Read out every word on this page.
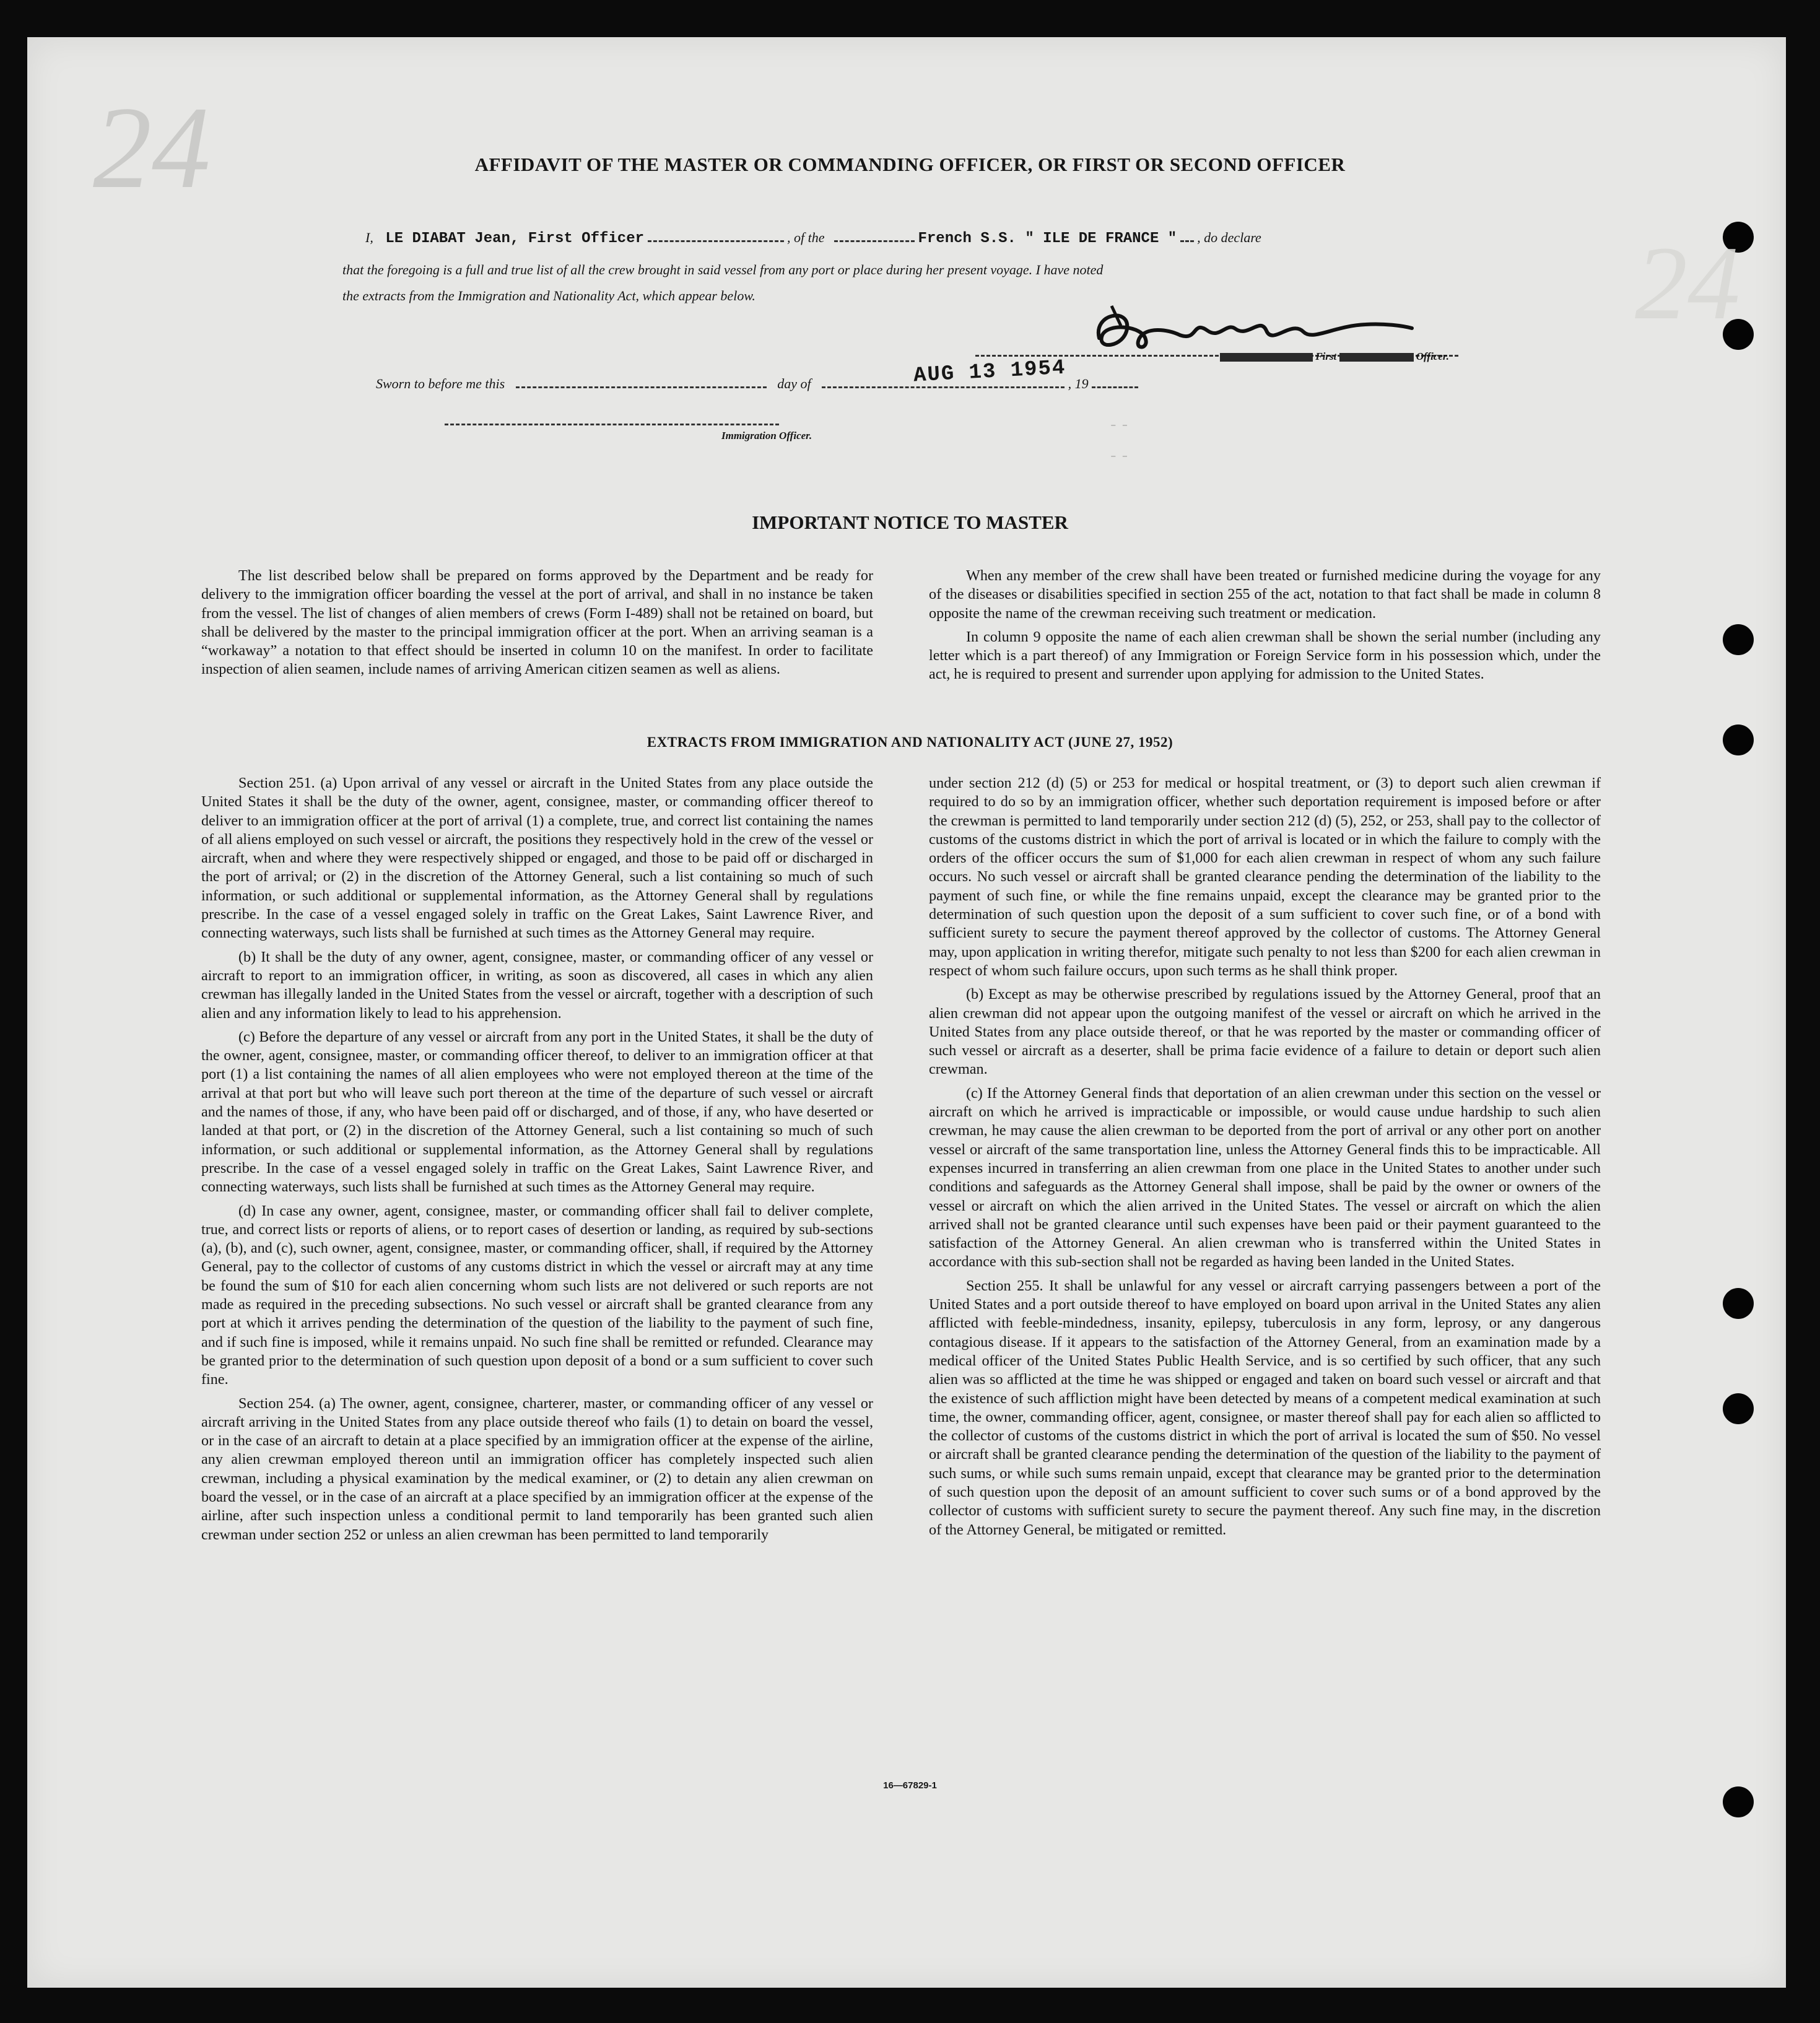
24
24
AFFIDAVIT OF THE MASTER OR COMMANDING OFFICER, OR FIRST OR SECOND OFFICER
I, LE DIABAT Jean, First Officer	, of the	French S.S. " ILE DE FRANCE " , do declare
that the foregoing is a full and true list of all the crew brought in said vessel from any port or place during her present voyage. I have noted
the extracts from the Immigration and Nationality Act, which appear below.
First	Officer.
Sworn to before me this	day of	, 19
AUG 13 1954
Immigration Officer.
--
--
IMPORTANT NOTICE TO MASTER

The list described below shall be prepared on forms approved by the Department and be ready for delivery to the immigration officer boarding the vessel at the port of arrival, and shall in no instance be taken from the vessel. The list of changes of alien members of crews (Form I-489) shall not be retained on board, but shall be delivered by the master to the principal immigration officer at the port. When an arriving seaman is a “workaway” a notation to that effect should be inserted in column 10 on the manifest. In order to facilitate inspection of alien seamen, include names of arriving American citizen seamen as well as aliens.

When any member of the crew shall have been treated or furnished medicine during the voyage for any of the diseases or disabilities specified in section 255 of the act, notation to that fact shall be made in column 8 opposite the name of the crewman receiving such treatment or medication.

In column 9 opposite the name of each alien crewman shall be shown the serial number (including any letter which is a part thereof) of any Immigration or Foreign Service form in his possession which, under the act, he is required to present and surrender upon applying for admission to the United States.

EXTRACTS FROM IMMIGRATION AND NATIONALITY ACT (JUNE 27, 1952)

Section 251. (a) Upon arrival of any vessel or aircraft in the United States from any place outside the United States it shall be the duty of the owner, agent, consignee, master, or commanding officer thereof to deliver to an immigration officer at the port of arrival (1) a complete, true, and correct list containing the names of all aliens employed on such vessel or aircraft, the positions they respectively hold in the crew of the vessel or aircraft, when and where they were respectively shipped or engaged, and those to be paid off or discharged in the port of arrival; or (2) in the discretion of the Attorney General, such a list containing so much of such information, or such additional or supplemental information, as the Attorney General shall by regulations prescribe. In the case of a vessel engaged solely in traffic on the Great Lakes, Saint Lawrence River, and connecting waterways, such lists shall be furnished at such times as the Attorney General may require.

(b) It shall be the duty of any owner, agent, consignee, master, or commanding officer of any vessel or aircraft to report to an immigration officer, in writing, as soon as discovered, all cases in which any alien crewman has illegally landed in the United States from the vessel or aircraft, together with a description of such alien and any information likely to lead to his apprehension.

(c) Before the departure of any vessel or aircraft from any port in the United States, it shall be the duty of the owner, agent, consignee, master, or commanding officer thereof, to deliver to an immigration officer at that port (1) a list containing the names of all alien employees who were not employed thereon at the time of the arrival at that port but who will leave such port thereon at the time of the departure of such vessel or aircraft and the names of those, if any, who have been paid off or discharged, and of those, if any, who have deserted or landed at that port, or (2) in the discretion of the Attorney General, such a list containing so much of such information, or such additional or supplemental information, as the Attorney General shall by regulations prescribe. In the case of a vessel engaged solely in traffic on the Great Lakes, Saint Lawrence River, and connecting waterways, such lists shall be furnished at such times as the Attorney General may require.

(d) In case any owner, agent, consignee, master, or commanding officer shall fail to deliver complete, true, and correct lists or reports of aliens, or to report cases of desertion or landing, as required by sub-sections (a), (b), and (c), such owner, agent, consignee, master, or commanding officer, shall, if required by the Attorney General, pay to the collector of customs of any customs district in which the vessel or aircraft may at any time be found the sum of $10 for each alien concerning whom such lists are not delivered or such reports are not made as required in the preceding subsections. No such vessel or aircraft shall be granted clearance from any port at which it arrives pending the determination of the question of the liability to the payment of such fine, and if such fine is imposed, while it remains unpaid. No such fine shall be remitted or refunded. Clearance may be granted prior to the determination of such question upon deposit of a bond or a sum sufficient to cover such fine.

Section 254. (a) The owner, agent, consignee, charterer, master, or commanding officer of any vessel or aircraft arriving in the United States from any place outside thereof who fails (1) to detain on board the vessel, or in the case of an aircraft to detain at a place specified by an immigration officer at the expense of the airline, any alien crewman employed thereon until an immigration officer has completely inspected such alien crewman, including a physical examination by the medical examiner, or (2) to detain any alien crewman on board the vessel, or in the case of an aircraft at a place specified by an immigration officer at the expense of the airline, after such inspection unless a conditional permit to land temporarily has been granted such alien crewman under section 252 or unless an alien crewman has been permitted to land temporarily

under section 212 (d) (5) or 253 for medical or hospital treatment, or (3) to deport such alien crewman if required to do so by an immigration officer, whether such deportation requirement is imposed before or after the crewman is permitted to land temporarily under section 212 (d) (5), 252, or 253, shall pay to the collector of customs of the customs district in which the port of arrival is located or in which the failure to comply with the orders of the officer occurs the sum of $1,000 for each alien crewman in respect of whom any such failure occurs. No such vessel or aircraft shall be granted clearance pending the determination of the liability to the payment of such fine, or while the fine remains unpaid, except the clearance may be granted prior to the determination of such question upon the deposit of a sum sufficient to cover such fine, or of a bond with sufficient surety to secure the payment thereof approved by the collector of customs. The Attorney General may, upon application in writing therefor, mitigate such penalty to not less than $200 for each alien crewman in respect of whom such failure occurs, upon such terms as he shall think proper.

(b) Except as may be otherwise prescribed by regulations issued by the Attorney General, proof that an alien crewman did not appear upon the outgoing manifest of the vessel or aircraft on which he arrived in the United States from any place outside thereof, or that he was reported by the master or commanding officer of such vessel or aircraft as a deserter, shall be prima facie evidence of a failure to detain or deport such alien crewman.

(c) If the Attorney General finds that deportation of an alien crewman under this section on the vessel or aircraft on which he arrived is impracticable or impossible, or would cause undue hardship to such alien crewman, he may cause the alien crewman to be deported from the port of arrival or any other port on another vessel or aircraft of the same transportation line, unless the Attorney General finds this to be impracticable. All expenses incurred in transferring an alien crewman from one place in the United States to another under such conditions and safeguards as the Attorney General shall impose, shall be paid by the owner or owners of the vessel or aircraft on which the alien arrived in the United States. The vessel or aircraft on which the alien arrived shall not be granted clearance until such expenses have been paid or their payment guaranteed to the satisfaction of the Attorney General. An alien crewman who is transferred within the United States in accordance with this sub-section shall not be regarded as having been landed in the United States.

Section 255. It shall be unlawful for any vessel or aircraft carrying passengers between a port of the United States and a port outside thereof to have employed on board upon arrival in the United States any alien afflicted with feeble-mindedness, insanity, epilepsy, tuberculosis in any form, leprosy, or any dangerous contagious disease. If it appears to the satisfaction of the Attorney General, from an examination made by a medical officer of the United States Public Health Service, and is so certified by such officer, that any such alien was so afflicted at the time he was shipped or engaged and taken on board such vessel or aircraft and that the existence of such affliction might have been detected by means of a competent medical examination at such time, the owner, commanding officer, agent, consignee, or master thereof shall pay for each alien so afflicted to the collector of customs of the customs district in which the port of arrival is located the sum of $50. No vessel or aircraft shall be granted clearance pending the determination of the question of the liability to the payment of such sums, or while such sums remain unpaid, except that clearance may be granted prior to the determination of such question upon the deposit of an amount sufficient to cover such sums or of a bond approved by the collector of customs with sufficient surety to secure the payment thereof. Any such fine may, in the discretion of the Attorney General, be mitigated or remitted.

16—67829-1
